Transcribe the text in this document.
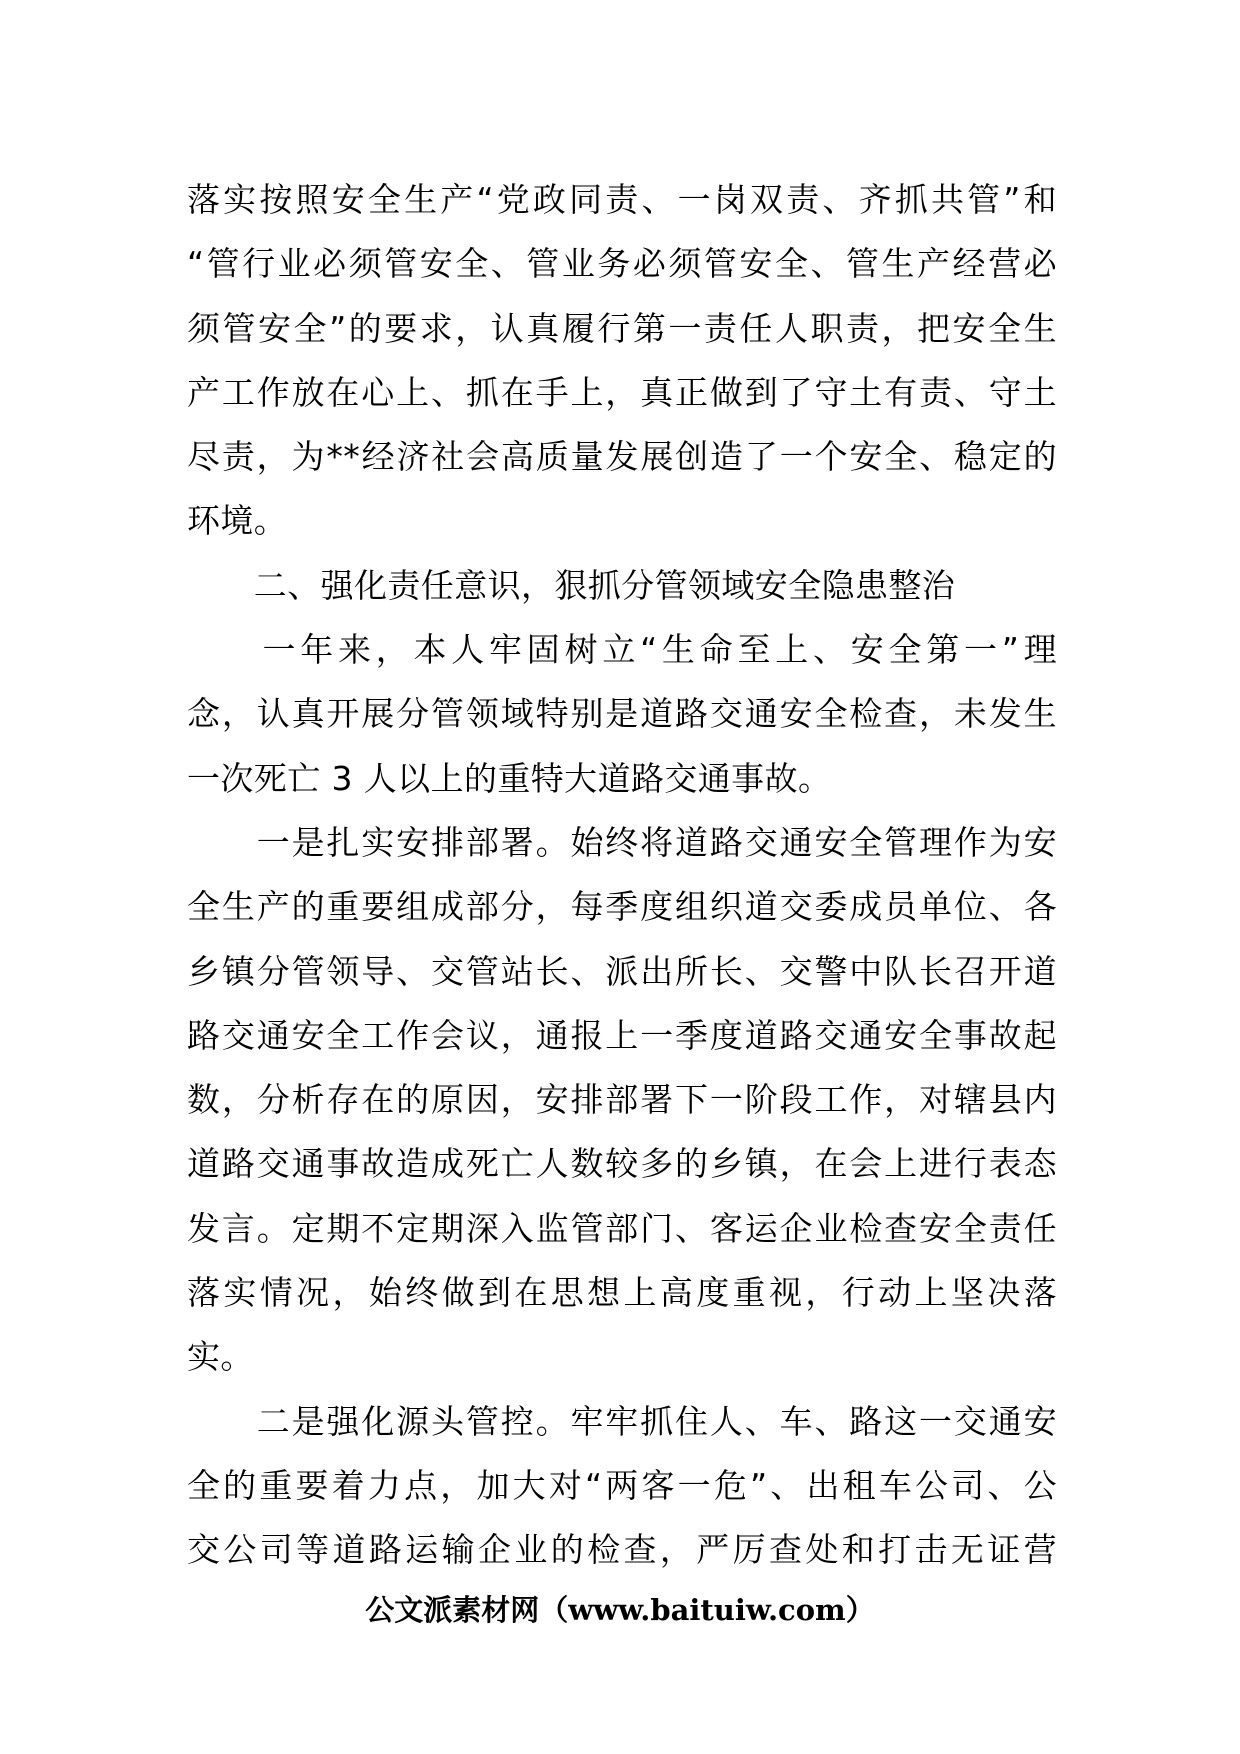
落实按照安全生产“党政同责、一岗双责、齐抓共管”和
“管行业必须管安全、管业务必须管安全、管生产经营必
须管安全”的要求，认真履行第一责任人职责，把安全生
产工作放在心上、抓在手上，真正做到了守土有责、守土
尽责，为**经济社会高质量发展创造了一个安全、稳定的
环境。
　　二、强化责任意识，狠抓分管领域安全隐患整治
　　一年来，本人牢固树立“生命至上、安全第一”理
念，认真开展分管领域特别是道路交通安全检查，未发生
一次死亡 3 人以上的重特大道路交通事故。
　　一是扎实安排部署。始终将道路交通安全管理作为安
全生产的重要组成部分，每季度组织道交委成员单位、各
乡镇分管领导、交管站长、派出所长、交警中队长召开道
路交通安全工作会议，通报上一季度道路交通安全事故起
数，分析存在的原因，安排部署下一阶段工作，对辖县内
道路交通事故造成死亡人数较多的乡镇，在会上进行表态
发言。定期不定期深入监管部门、客运企业检查安全责任
落实情况，始终做到在思想上高度重视，行动上坚决落
实。
　　二是强化源头管控。牢牢抓住人、车、路这一交通安
全的重要着力点，加大对“两客一危”、出租车公司、公
交公司等道路运输企业的检查，严厉查处和打击无证营
公文派素材网（www.baituiw.com）
